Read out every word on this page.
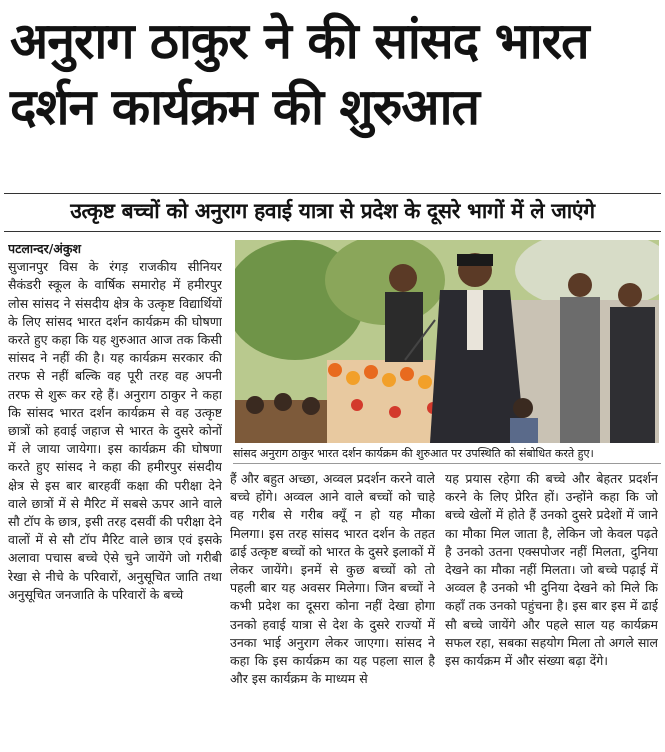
अनुराग ठाकुर ने की सांसद भारत
दर्शन कार्यक्रम की शुरुआत
उत्कृष्ट बच्चों को अनुराग हवाई यात्रा से प्रदेश के दूसरे भागों में ले जाएंगे
पटलान्दर/अंकुश

सुजानपुर विस के रंगड़ राजकीय सीनियर सैकंडरी स्कूल के वार्षिक समारोह में हमीरपुर लोस सांसद ने संसदीय क्षेत्र के उत्कृष्ट विद्यार्थियों के लिए सांसद भारत दर्शन कार्यक्रम की घोषणा करते हुए कहा कि यह शुरुआत आज तक किसी सांसद ने नहीं की है। यह कार्यक्रम सरकार की तरफ से नहीं बल्कि वह पूरी तरह वह अपनी तरफ से शुरू कर रहे हैं। अनुराग ठाकुर ने कहा कि सांसद भारत दर्शन कार्यक्रम से वह उत्कृष्ट छात्रों को हवाई जहाज से भारत के दुसरे कोनों में ले जाया जायेगा। इस कार्यक्रम की घोषणा करते हुए सांसद ने कहा की हमीरपुर संसदीय क्षेत्र से इस बार बारहवीं कक्षा की परीक्षा देने वाले छात्रों में से मैरिट में सबसे ऊपर आने वाले सौ टॉप के छात्र, इसी तरह दसवीं की परीक्षा देने वालों में से सौ टॉप मैरिट वाले छात्र एवं इसके अलावा पचास बच्चे ऐसे चुने जायेंगे जो गरीबी रेखा से नीचे के परिवारों, अनुसूचित जाति तथा अनुसूचित जनजाति के परिवारों के बच्चे

सांसद अनुराग ठाकुर भारत दर्शन कार्यक्रम की शुरुआत पर उपस्थिति को संबोधित करते हुए।

हैं और बहुत अच्छा, अव्वल प्रदर्शन करने वाले बच्चे होंगे। अव्वल आने वाले बच्चों को चाहे वह गरीब से गरीब क्यूँ न हो यह मौका मिलगा। इस तरह सांसद भारत दर्शन के तहत ढाई उत्कृष्ट बच्चों को भारत के दुसरे इलाकों में लेकर जायेंगे। इनमें से कुछ बच्चों को तो पहली बार यह अवसर मिलेगा। जिन बच्चों ने कभी प्रदेश का दूसरा कोना नहीं देखा होगा उनको हवाई यात्रा से देश के दुसरे राज्यों में उनका भाई अनुराग लेकर जाएगा। सांसद ने कहा कि इस कार्यक्रम का यह पहला साल है और इस कार्यक्रम के माध्यम से

यह प्रयास रहेगा की बच्चे और बेहतर प्रदर्शन करने के लिए प्रेरित हों। उन्होंने कहा कि जो बच्चे खेलों में होते हैं उनको दुसरे प्रदेशों में जाने का मौका मिल जाता है, लेकिन जो केवल पढ़ते है उनको उतना एक्सपोजर नहीं मिलता, दुनिया देखने का मौका नहीं मिलता। जो बच्चे पढ़ाई में अव्वल है उनको भी दुनिया देखने को मिले कि कहाँ तक उनको पहुंचना है। इस बार इस में ढाई सौ बच्चे जायेंगे और पहले साल यह कार्यक्रम सफल रहा, सबका सहयोग मिला तो अगले साल इस कार्यक्रम में और संख्या बढ़ा देंगे।
